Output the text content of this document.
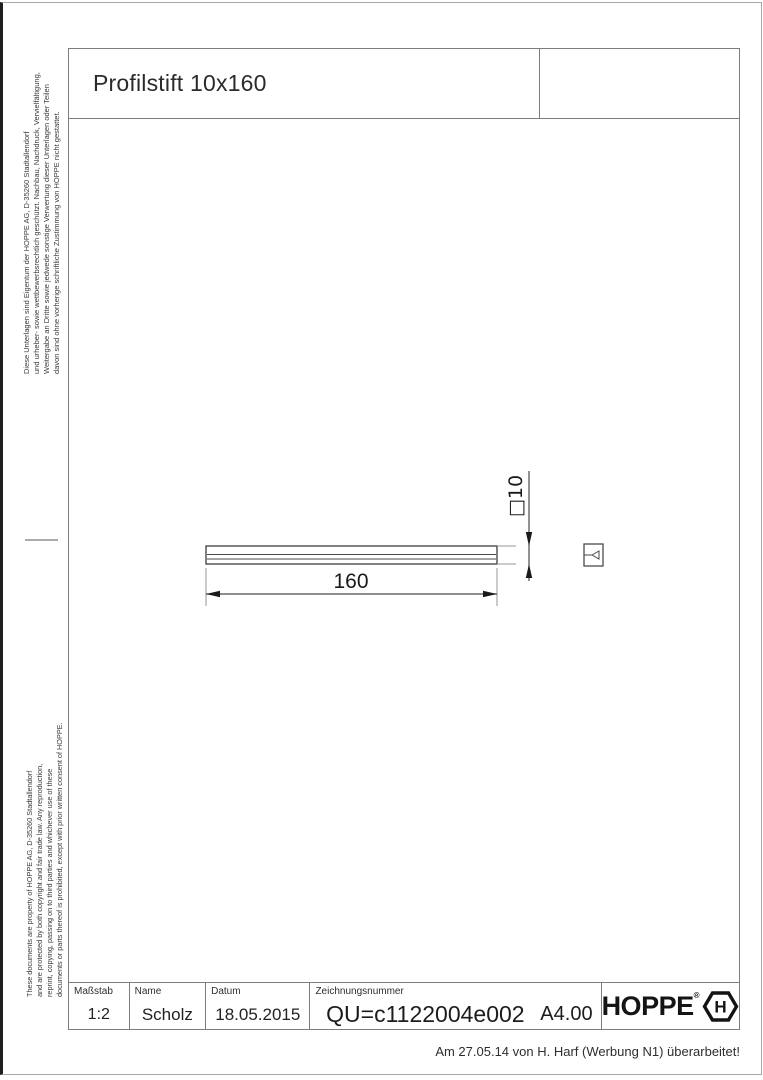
Diese Unterlagen sind Eigentum der HOPPE AG, D-35260 Stadtallendorf und urheber- sowie wettbewerbsrechtlich geschützt. Nachbau, Nachdruck, Vervielfältigung, Weitergabe an Dritte sowie jedwede sonstige Verwertung dieser Unterlagen oder Teilen davon sind ohne vorherige schriftliche Zustimmung von HOPPE nicht gestattet.
These documents are property of HOPPE AG, D-35260 Stadtallendorf and are protected by both copyright and fair trade law. Any reproduction, reprint, copying, passing on to third parties and whichever use of these documents or parts thereof is prohibited, except with prior written consent of HOPPE.
Profilstift 10x160
□10
160
Maßstab
1:2
Name
Scholz
Datum
18.05.2015
Zeichnungsnummer
QU=c1122004e002 A4.00 HOPPE®
H
Am 27.05.14 von H. Harf (Werbung N1) überarbeitet!
